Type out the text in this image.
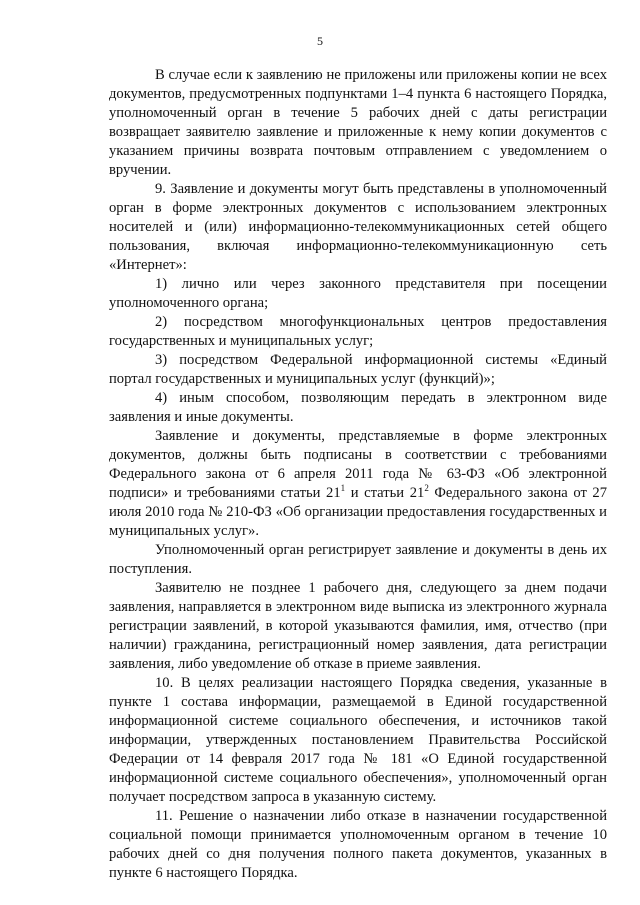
5

В случае если к заявлению не приложены или приложены копии не всех документов, предусмотренных подпунктами 1–4 пункта 6 настоящего Порядка, уполномоченный орган в течение 5 рабочих дней с даты регистрации возвращает заявителю заявление и приложенные к нему копии документов с указанием причины возврата почтовым отправлением с уведомлением о вручении.

9. Заявление и документы могут быть представлены в уполномоченный орган в форме электронных документов с использованием электронных носителей и (или) информационно-телекоммуникационных сетей общего пользования, включая информационно-телекоммуникационную сеть «Интернет»:

1) лично или через законного представителя при посещении уполномоченного органа;

2) посредством многофункциональных центров предоставления государственных и муниципальных услуг;

3) посредством Федеральной информационной системы «Единый портал государственных и муниципальных услуг (функций)»;

4) иным способом, позволяющим передать в электронном виде заявления и иные документы.

Заявление и документы, представляемые в форме электронных документов, должны быть подписаны в соответствии с требованиями Федерального закона от 6 апреля 2011 года № 63-ФЗ «Об электронной подписи» и требованиями статьи $21^1$ и статьи $21^2$ Федерального закона от 27 июля 2010 года № 210-ФЗ «Об организации предоставления государственных и муниципальных услуг».

Уполномоченный орган регистрирует заявление и документы в день их поступления.

Заявителю не позднее 1 рабочего дня, следующего за днем подачи заявления, направляется в электронном виде выписка из электронного журнала регистрации заявлений, в которой указываются фамилия, имя, отчество (при наличии) гражданина, регистрационный номер заявления, дата регистрации заявления, либо уведомление об отказе в приеме заявления.

10. В целях реализации настоящего Порядка сведения, указанные в пункте 1 состава информации, размещаемой в Единой государственной информационной системе социального обеспечения, и источников такой информации, утвержденных постановлением Правительства Российской Федерации от 14 февраля 2017 года № 181 «О Единой государственной информационной системе социального обеспечения», уполномоченный орган получает посредством запроса в указанную систему.

11. Решение о назначении либо отказе в назначении государственной социальной помощи принимается уполномоченным органом в течение 10 рабочих дней со дня получения полного пакета документов, указанных в пункте 6 настоящего Порядка.
